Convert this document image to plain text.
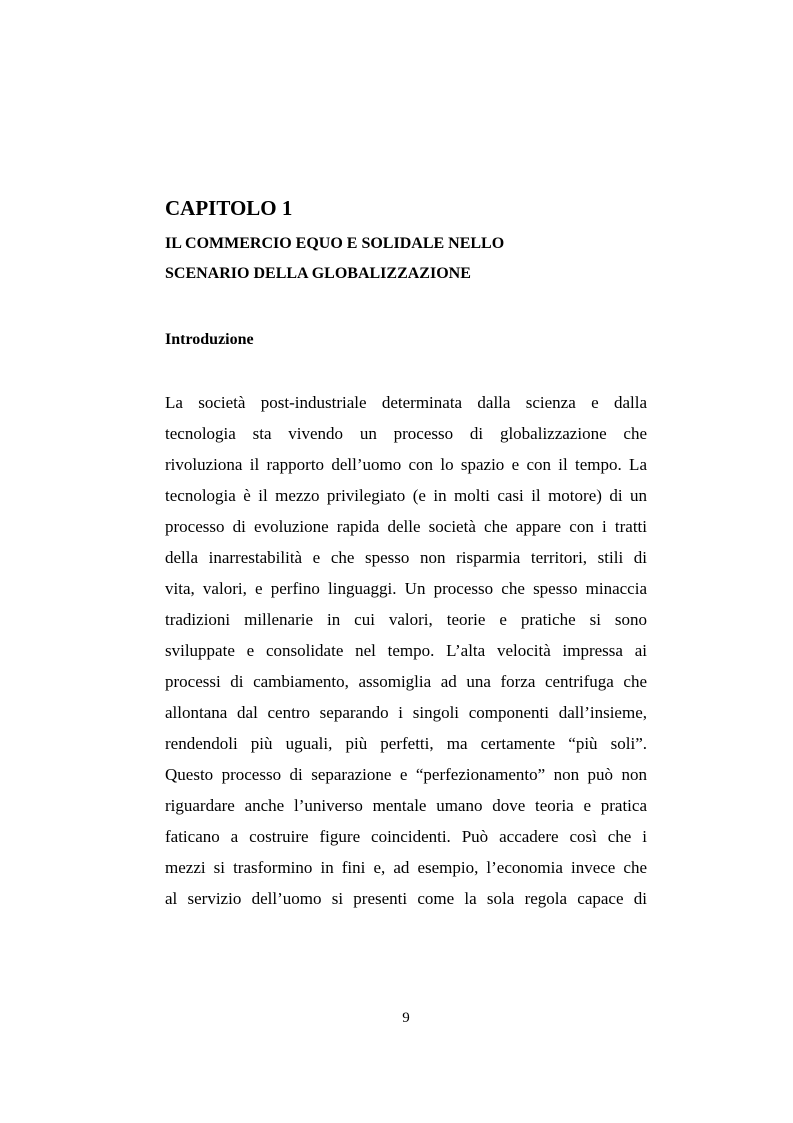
CAPITOLO 1
IL COMMERCIO EQUO E SOLIDALE NELLO
SCENARIO DELLA GLOBALIZZAZIONE
Introduzione
La società post-industriale determinata dalla scienza e dalla
tecnologia sta vivendo un processo di globalizzazione che
rivoluziona il rapporto dell’uomo con lo spazio e con il tempo. La
tecnologia è il mezzo privilegiato (e in molti casi il motore) di un
processo di evoluzione rapida delle società che appare con i tratti
della inarrestabilità e che spesso non risparmia territori, stili di
vita, valori, e perfino linguaggi. Un processo che spesso minaccia
tradizioni millenarie in cui valori, teorie e pratiche si sono
sviluppate e consolidate nel tempo. L’alta velocità impressa ai
processi di cambiamento, assomiglia ad una forza centrifuga che
allontana dal centro separando i singoli componenti dall’insieme,
rendendoli più uguali, più perfetti, ma certamente “più soli”.
Questo processo di separazione e “perfezionamento” non può non
riguardare anche l’universo mentale umano dove teoria e pratica
faticano a costruire figure coincidenti. Può accadere così che i
mezzi si trasformino in fini e, ad esempio, l’economia invece che
al servizio dell’uomo si presenti come la sola regola capace di
9
